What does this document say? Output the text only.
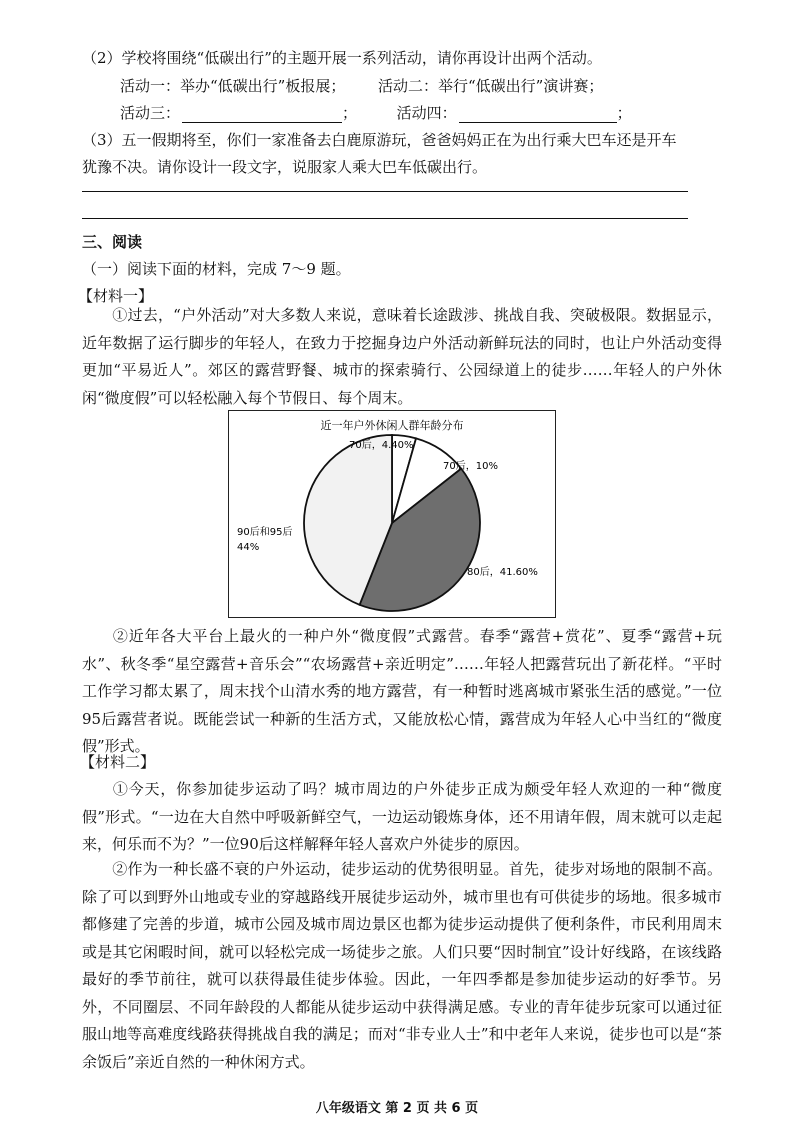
（2）学校将围绕“低碳出行”的主题开展一系列活动，请你再设计出两个活动。
活动一：举办“低碳出行”板报展； 活动二：举行“低碳出行”演讲赛；
活动三：	；	活动四：	；
（3）五一假期将至，你们一家准备去白鹿原游玩，爸爸妈妈正在为出行乘大巴车还是开车
犹豫不决。请你设计一段文字，说服家人乘大巴车低碳出行。
三、阅读
（一）阅读下面的材料，完成 7～9 题。
【材料一】
①过去，“户外活动”对大多数人来说，意味着长途跋涉、挑战自我、突破极限。数据显示，近年数据了运行脚步的年轻人，在致力于挖掘身边户外活动新鲜玩法的同时，也让户外活动变得更加“平易近人”。郊区的露营野餐、城市的探索骑行、公园绿道上的徒步……年轻人的户外休闲“微度假”可以轻松融入每个节假日、每个周末。
近一年户外休闲人群年龄分布
70后，4.40%
70后，10%
80后，41.60%
90后和95后
44%
②近年各大平台上最火的一种户外“微度假”式露营。春季“露营+赏花”、夏季“露营+玩水”、秋冬季“星空露营+音乐会”“农场露营+亲近明定”……年轻人把露营玩出了新花样。“平时工作学习都太累了，周末找个山清水秀的地方露营，有一种暂时逃离城市紧张生活的感觉。”一位95后露营者说。既能尝试一种新的生活方式，又能放松心情，露营成为年轻人心中当红的“微度假”形式。
【材料二】
①今天，你参加徒步运动了吗？城市周边的户外徒步正成为颇受年轻人欢迎的一种“微度假”形式。“一边在大自然中呼吸新鲜空气，一边运动锻炼身体，还不用请年假，周末就可以走起来，何乐而不为？”一位90后这样解释年轻人喜欢户外徒步的原因。
②作为一种长盛不衰的户外运动，徒步运动的优势很明显。首先，徒步对场地的限制不高。除了可以到野外山地或专业的穿越路线开展徒步运动外，城市里也有可供徒步的场地。很多城市都修建了完善的步道，城市公园及城市周边景区也都为徒步运动提供了便利条件，市民利用周末或是其它闲暇时间，就可以轻松完成一场徒步之旅。人们只要“因时制宜”设计好线路，在该线路最好的季节前往，就可以获得最佳徒步体验。因此，一年四季都是参加徒步运动的好季节。另外，不同圈层、不同年龄段的人都能从徒步运动中获得满足感。专业的青年徒步玩家可以通过征服山地等高难度线路获得挑战自我的满足；而对“非专业人士”和中老年人来说，徒步也可以是“茶余饭后”亲近自然的一种休闲方式。
八年级语文 第 2 页 共 6 页
